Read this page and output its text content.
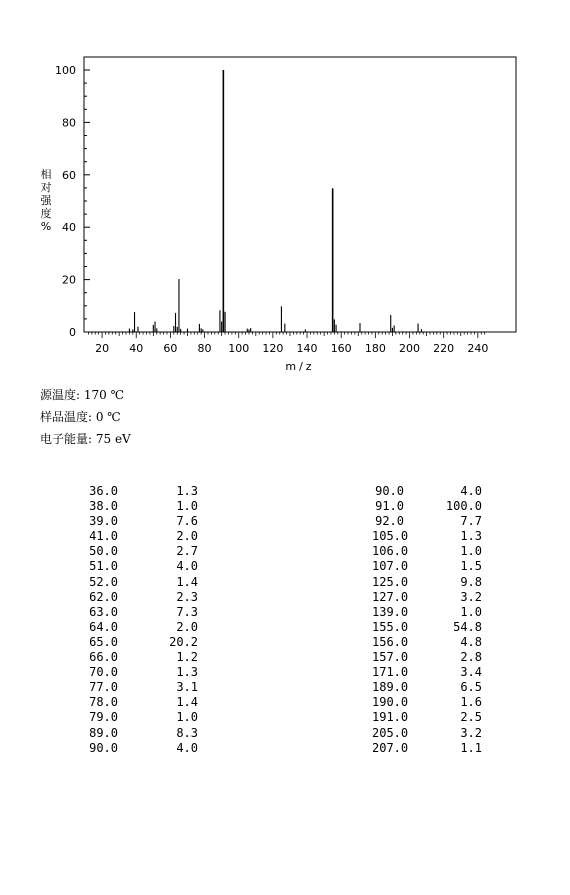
0
20
40
60
80
100
20 40 60 80 100 120 140 160 180 200 220 240
相对强度%
m/z
源温度: 170 ℃
样品温度: 0 ℃
电子能量: 75 eV
36.0	1.3
38.0	1.0
39.0	7.6
41.0	2.0
50.0	2.7
51.0	4.0
52.0	1.4
62.0	2.3
63.0	7.3
64.0	2.0
65.0	20.2
66.0	1.2
70.0	1.3
77.0	3.1
78.0	1.4
79.0	1.0
89.0	8.3
90.0	4.0
90.0	4.0
91.0	100.0
92.0	7.7
105.0	1.3
106.0	1.0
107.0	1.5
125.0	9.8
127.0	3.2
139.0	1.0
155.0	54.8
156.0	4.8
157.0	2.8
171.0	3.4
189.0	6.5
190.0	1.6
191.0	2.5
205.0	3.2
207.0	1.1
